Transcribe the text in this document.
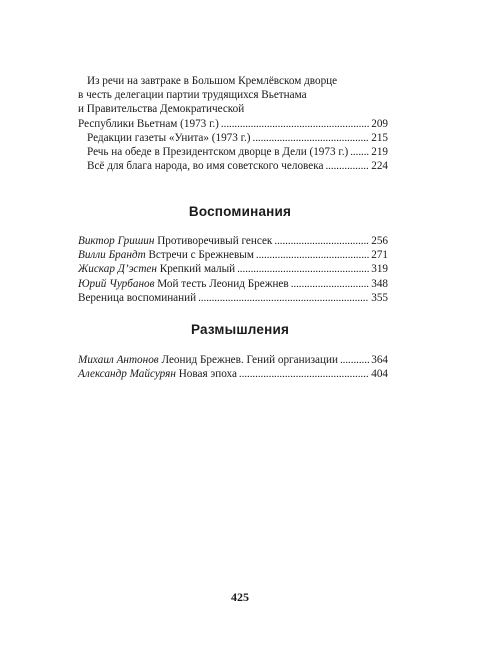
Из речи на завтраке в Большом Кремлёвском дворце
в честь делегации партии трудящихся Вьетнама
и Правительства Демократической
Республики Вьетнам (1973 г.) . . .	209
Редакции газеты «Унита» (1973 г.) . . .	215
Речь на обеде в Президентском дворце в Дели (1973 г.) . . . 219
Всё для блага народа, во имя советского человека . . .	224
Воспоминания
Виктор Гришин Противоречивый генсек . . .	256
Вилли Брандт Встречи с Брежневым . . .	271
Жискар Д’эстен Крепкий малый . . .	319
Юрий Чурбанов Мой тесть Леонид Брежнев . . .	348
Вереница воспоминаний . . .	355
Размышления
Михаил Антонов Леонид Брежнев. Гений организации . . .	364
Александр Майсурян Новая эпоха . . .	404
425
